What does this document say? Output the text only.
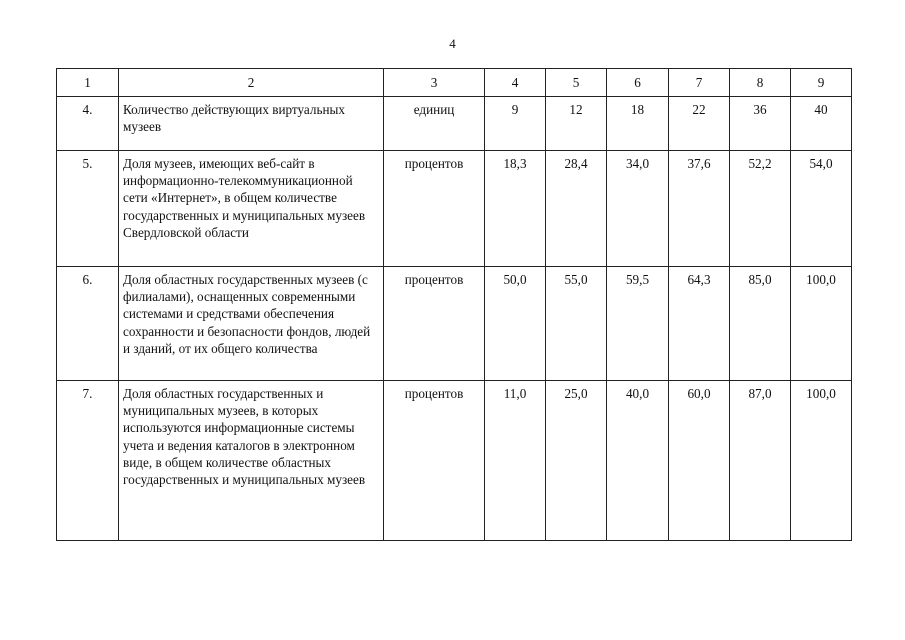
4
1	2	3	4	5	6	7	8	9
4.	Количество действующих виртуальных музеев	единиц	9	12	18	22	36	40
5.	Доля музеев, имеющих веб-сайт в информационно-телекоммуникационной сети «Интернет», в общем количестве государственных и муниципальных музеев Свердловской области	процентов	18,3	28,4	34,0	37,6	52,2	54,0
6.	Доля областных государственных музеев (с филиалами), оснащенных современными системами и средствами обеспечения сохранности и безопасности фондов, людей и зданий, от их общего количества	процентов	50,0	55,0	59,5	64,3	85,0	100,0
7.	Доля областных государственных и муниципальных музеев, в которых используются информационные системы учета и ведения каталогов в электронном виде, в общем количестве областных государственных и муниципальных музеев	процентов	11,0	25,0	40,0	60,0	87,0	100,0
